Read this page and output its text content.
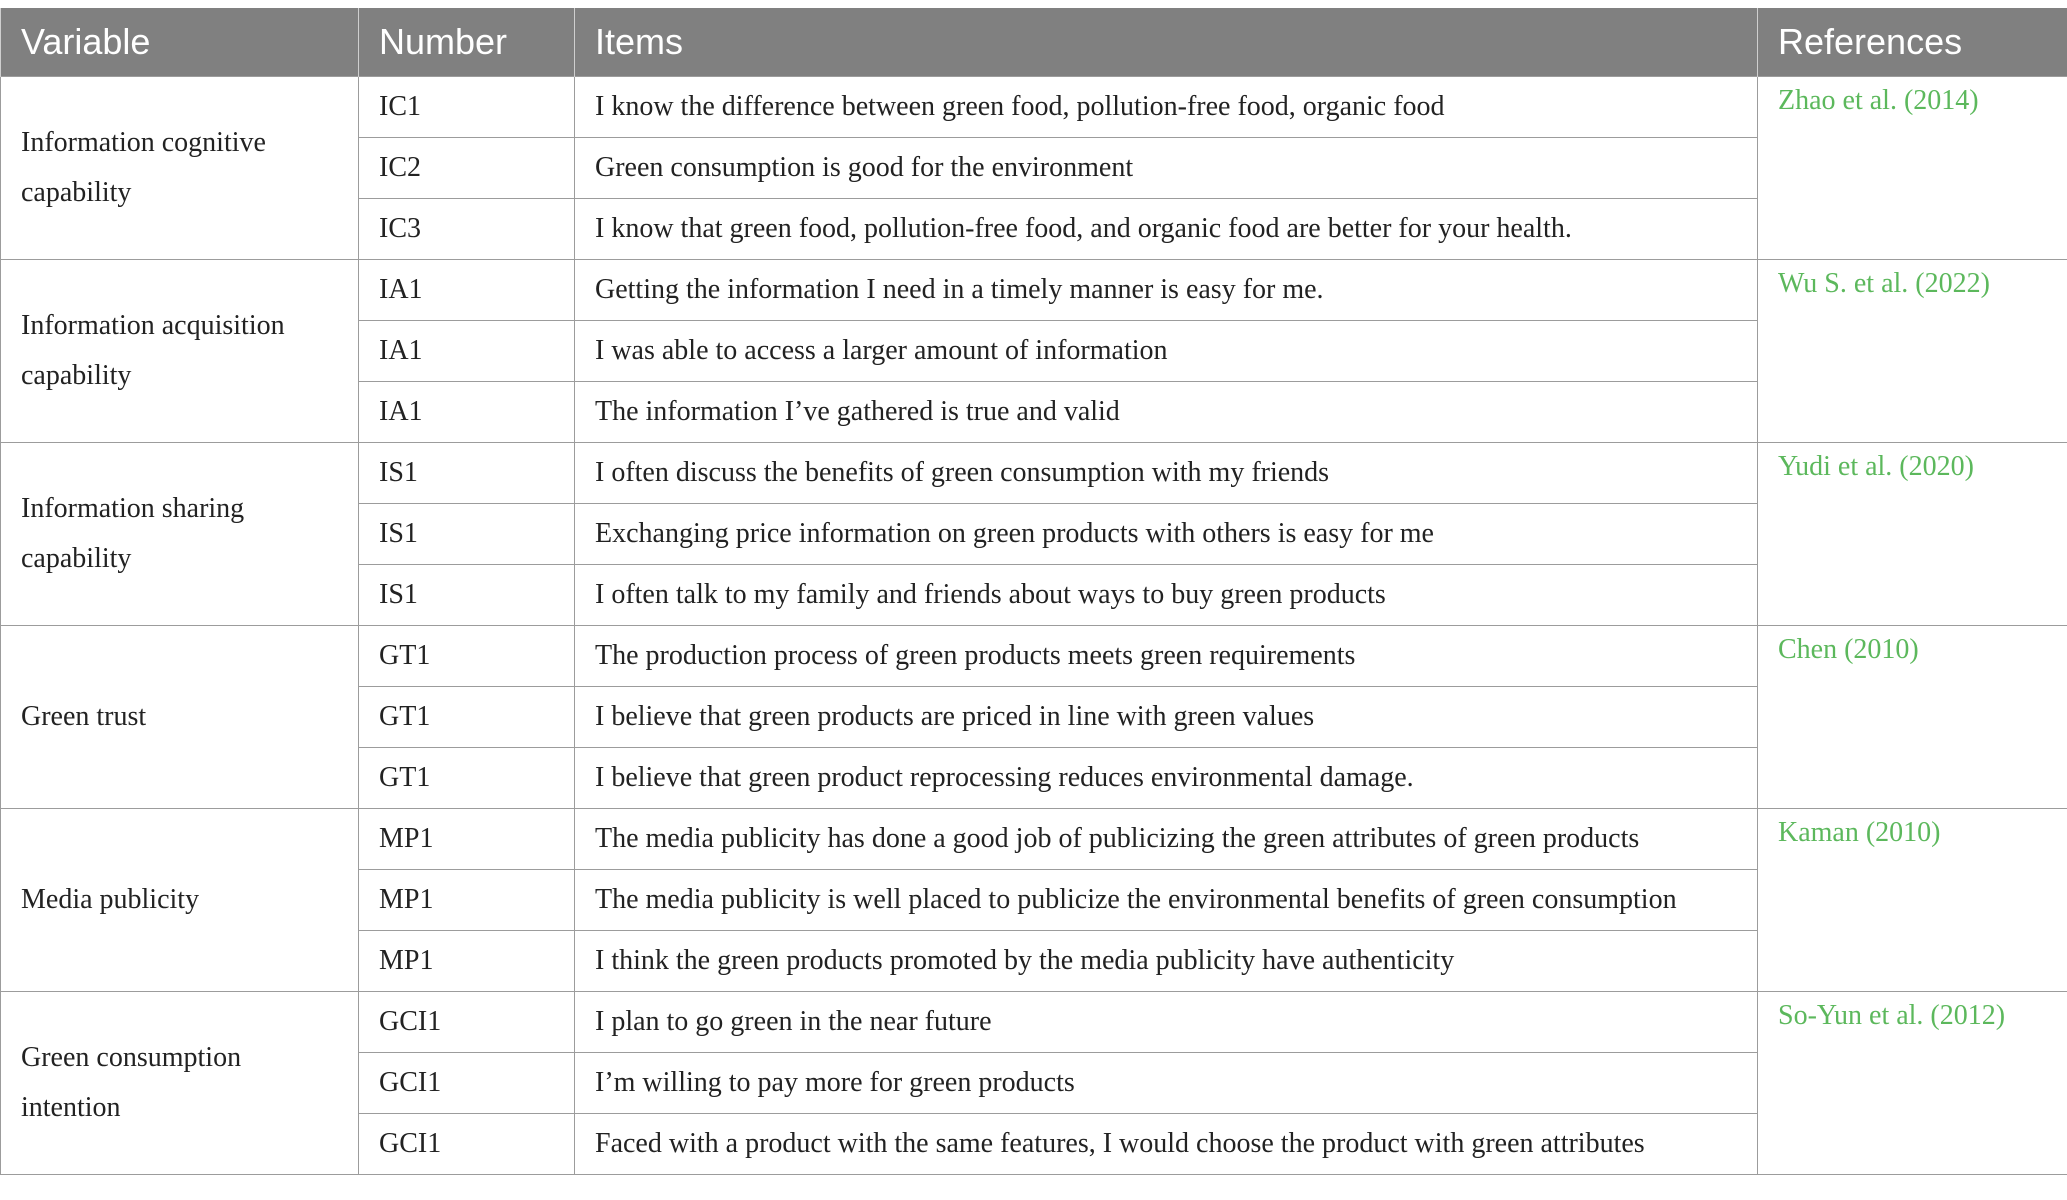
Variable	Number	Items	References
Information cognitive
capability	IC1	I know the difference between green food, pollution-free food, organic food	Zhao et al. (2014)
	IC2	Green consumption is good for the environment	
	IC3	I know that green food, pollution-free food, and organic food are better for your health.	
Information acquisition
capability	IA1	Getting the information I need in a timely manner is easy for me.	Wu S. et al. (2022)
	IA1	I was able to access a larger amount of information	
	IA1	The information I’ve gathered is true and valid	
Information sharing
capability	IS1	I often discuss the benefits of green consumption with my friends	Yudi et al. (2020)
	IS1	Exchanging price information on green products with others is easy for me	
	IS1	I often talk to my family and friends about ways to buy green products	
Green trust	GT1	The production process of green products meets green requirements	Chen (2010)
	GT1	I believe that green products are priced in line with green values	
	GT1	I believe that green product reprocessing reduces environmental damage.	
Media publicity	MP1	The media publicity has done a good job of publicizing the green attributes of green products	Kaman (2010)
	MP1	The media publicity is well placed to publicize the environmental benefits of green consumption	
	MP1	I think the green products promoted by the media publicity have authenticity	
Green consumption
intention	GCI1	I plan to go green in the near future	So-Yun et al. (2012)
	GCI1	I’m willing to pay more for green products	
	GCI1	Faced with a product with the same features, I would choose the product with green attributes	
